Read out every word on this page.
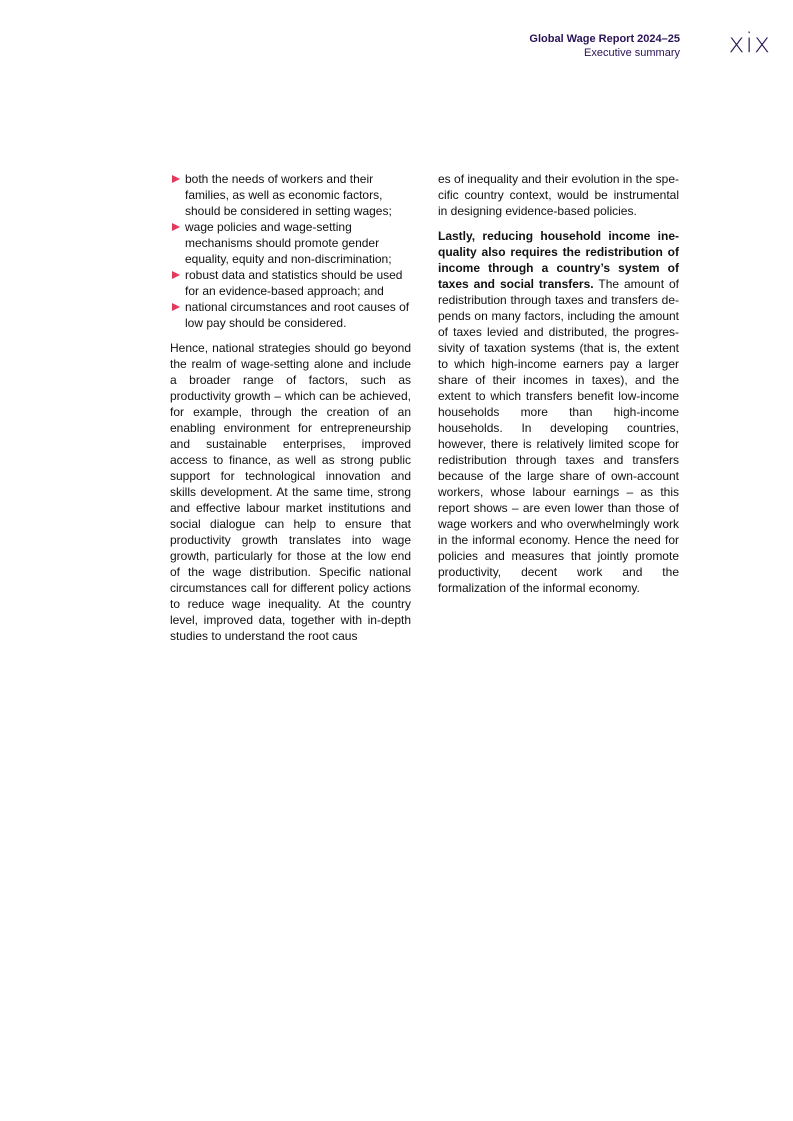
Global Wage Report 2024–25
Executive summary xix
both the needs of workers and their families, as well as economic factors, should be considered in setting wages;
wage policies and wage-setting mechanisms should promote gender equality, equity and non-discrimination;
robust data and statistics should be used for an evidence-based approach; and
national circumstances and root causes of low pay should be considered.

Hence, national strategies should go beyond the realm of wage-setting alone and include a broader range of factors, such as productivity growth – which can be achieved, for example, through the creation of an enabling environment for entrepreneurship and sustainable enterprises, improved access to finance, as well as strong public support for technological innovation and skills development. At the same time, strong and effective labour market institutions and social dialogue can help to ensure that productivity growth translates into wage growth, particularly for those at the low end of the wage distribution. Specific national circumstances call for different policy actions to reduce wage inequality. At the country level, improved data, together with in-depth studies to understand the root caus

es of inequality and their evolution in the specific country context, would be instrumental in designing evidence-based policies.

Lastly, reducing household income inequality also requires the redistribution of income through a country’s system of taxes and social transfers. The amount of redistribution through taxes and transfers depends on many factors, including the amount of taxes levied and distributed, the progressivity of taxation systems (that is, the extent to which high-income earners pay a larger share of their incomes in taxes), and the extent to which transfers benefit low-income households more than high-income households. In developing countries, however, there is relatively limited scope for redistribution through taxes and transfers because of the large share of own-account workers, whose labour earnings – as this report shows – are even lower than those of wage workers and who overwhelmingly work in the informal economy. Hence the need for policies and measures that jointly promote productivity, decent work and the formalization of the informal economy.
